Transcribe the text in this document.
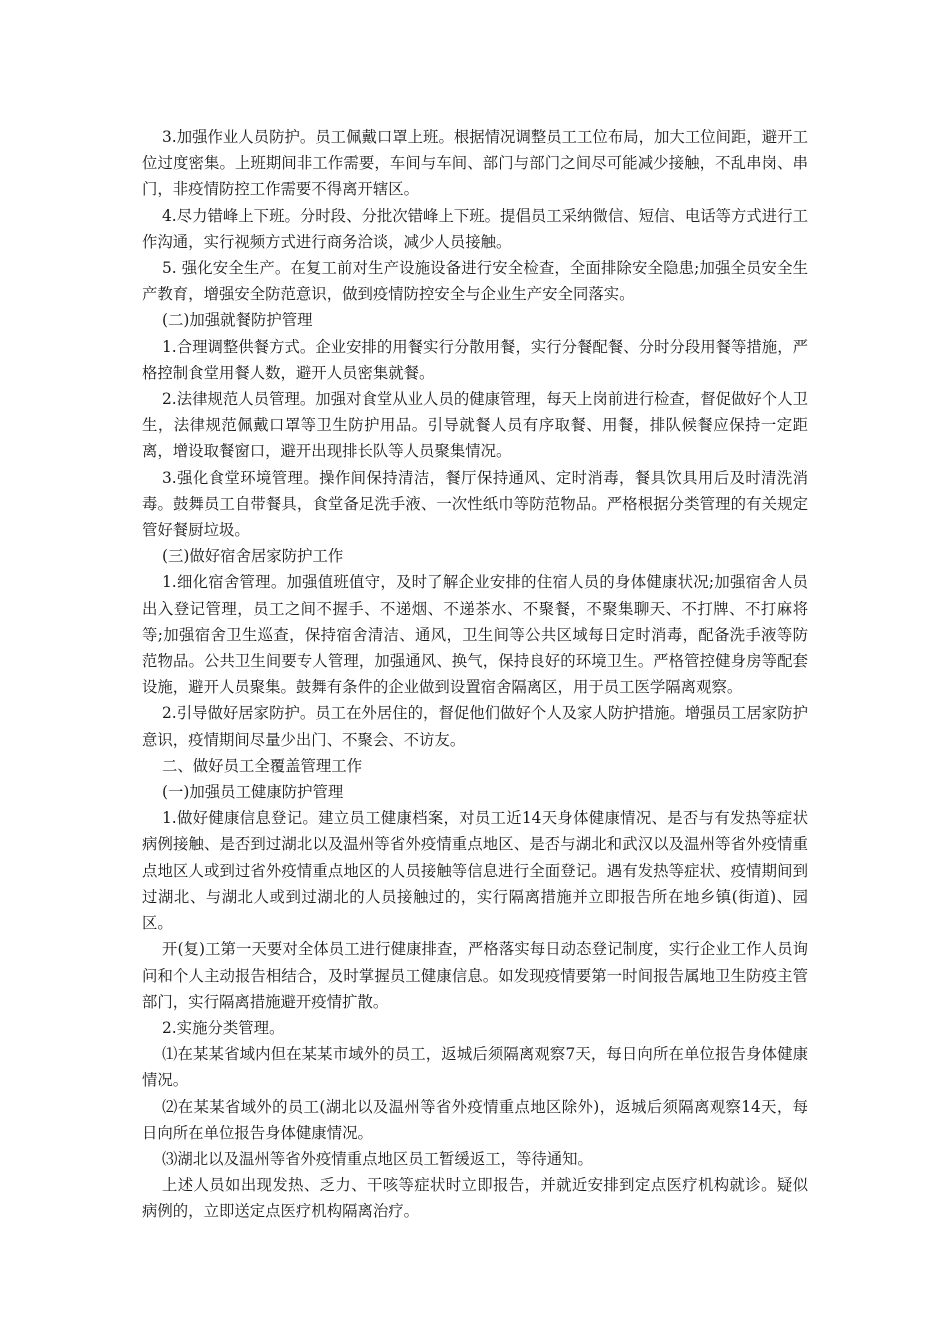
3.加强作业人员防护。员工佩戴口罩上班。根据情况调整员工工位布局，加大工位间距，避开工位过度密集。上班期间非工作需要，车间与车间、部门与部门之间尽可能减少接触，不乱串岗、串门，非疫情防控工作需要不得离开辖区。

4.尽力错峰上下班。分时段、分批次错峰上下班。提倡员工采纳微信、短信、电话等方式进行工作沟通，实行视频方式进行商务洽谈，减少人员接触。

5. 强化安全生产。在复工前对生产设施设备进行安全检查，全面排除安全隐患;加强全员安全生产教育，增强安全防范意识，做到疫情防控安全与企业生产安全同落实。

(二)加强就餐防护管理

1.合理调整供餐方式。企业安排的用餐实行分散用餐，实行分餐配餐、分时分段用餐等措施，严格控制食堂用餐人数，避开人员密集就餐。

2.法律规范人员管理。加强对食堂从业人员的健康管理，每天上岗前进行检查，督促做好个人卫生，法律规范佩戴口罩等卫生防护用品。引导就餐人员有序取餐、用餐，排队候餐应保持一定距离，增设取餐窗口，避开出现排长队等人员聚集情况。

3.强化食堂环境管理。操作间保持清洁，餐厅保持通风、定时消毒，餐具饮具用后及时清洗消毒。鼓舞员工自带餐具，食堂备足洗手液、一次性纸巾等防范物品。严格根据分类管理的有关规定管好餐厨垃圾。

(三)做好宿舍居家防护工作

1.细化宿舍管理。加强值班值守，及时了解企业安排的住宿人员的身体健康状况;加强宿舍人员出入登记管理，员工之间不握手、不递烟、不递茶水、不聚餐，不聚集聊天、不打牌、不打麻将等;加强宿舍卫生巡查，保持宿舍清洁、通风，卫生间等公共区域每日定时消毒，配备洗手液等防范物品。公共卫生间要专人管理，加强通风、换气，保持良好的环境卫生。严格管控健身房等配套设施，避开人员聚集。鼓舞有条件的企业做到设置宿舍隔离区，用于员工医学隔离观察。

2.引导做好居家防护。员工在外居住的，督促他们做好个人及家人防护措施。增强员工居家防护意识，疫情期间尽量少出门、不聚会、不访友。

二、做好员工全覆盖管理工作

(一)加强员工健康防护管理

1.做好健康信息登记。建立员工健康档案，对员工近14天身体健康情况、是否与有发热等症状病例接触、是否到过湖北以及温州等省外疫情重点地区、是否与湖北和武汉以及温州等省外疫情重点地区人或到过省外疫情重点地区的人员接触等信息进行全面登记。遇有发热等症状、疫情期间到过湖北、与湖北人或到过湖北的人员接触过的，实行隔离措施并立即报告所在地乡镇(街道)、园区。

开(复)工第一天要对全体员工进行健康排查，严格落实每日动态登记制度，实行企业工作人员询问和个人主动报告相结合，及时掌握员工健康信息。如发现疫情要第一时间报告属地卫生防疫主管部门，实行隔离措施避开疫情扩散。

2.实施分类管理。

⑴在某某省域内但在某某市域外的员工，返城后须隔离观察7天，每日向所在单位报告身体健康情况。

⑵在某某省域外的员工(湖北以及温州等省外疫情重点地区除外)，返城后须隔离观察14天，每日向所在单位报告身体健康情况。

⑶湖北以及温州等省外疫情重点地区员工暂缓返工，等待通知。

上述人员如出现发热、乏力、干咳等症状时立即报告，并就近安排到定点医疗机构就诊。疑似病例的，立即送定点医疗机构隔离治疗。
